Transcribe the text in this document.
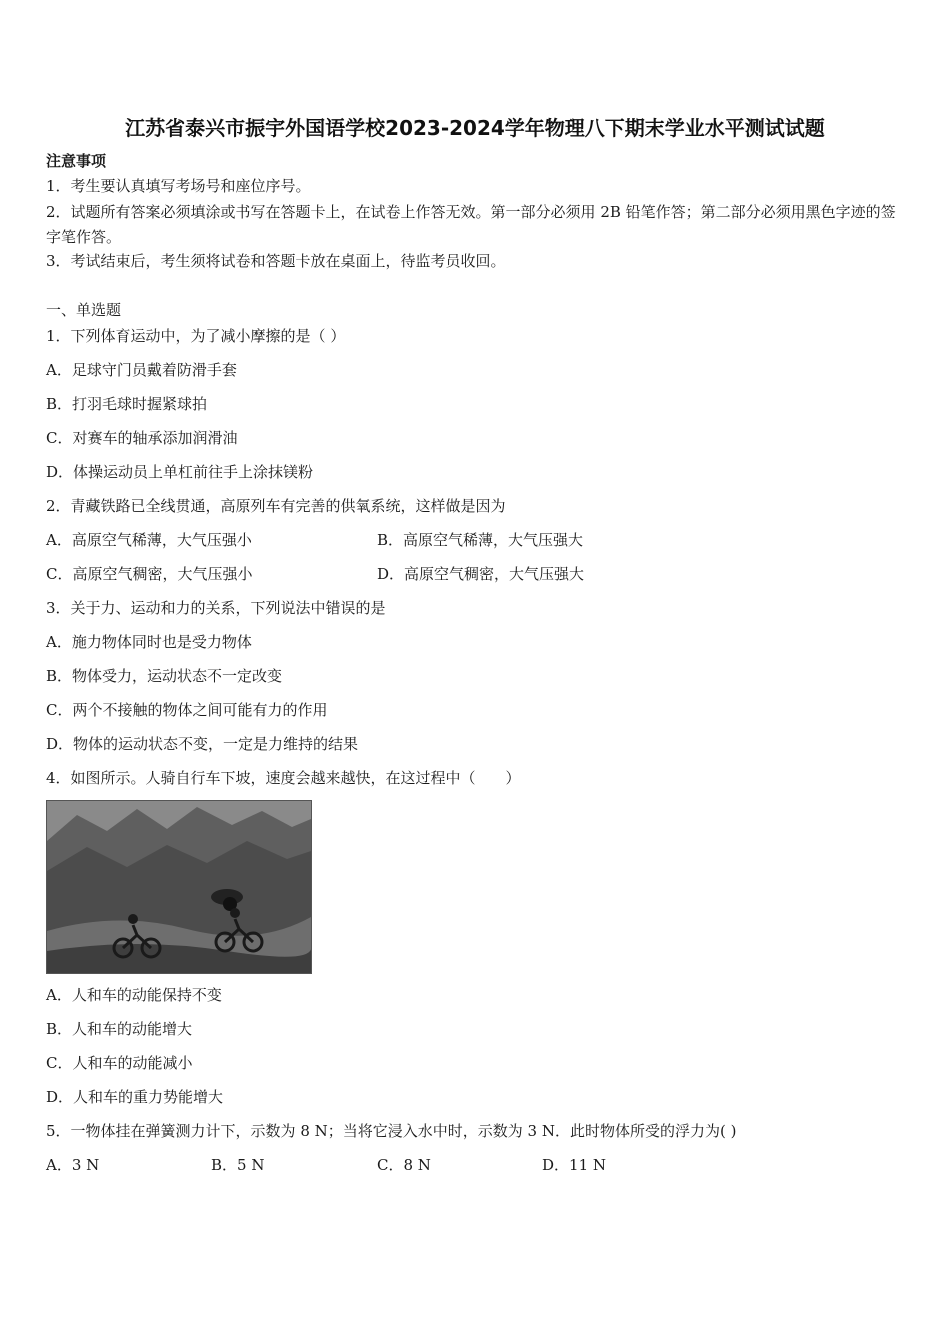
江苏省泰兴市振宇外国语学校2023-2024学年物理八下期末学业水平测试试题
注意事项
1．考生要认真填写考场号和座位序号。
2．试题所有答案必须填涂或书写在答题卡上，在试卷上作答无效。第一部分必须用 2B 铅笔作答；第二部分必须用黑色字迹的签字笔作答。
3．考试结束后，考生须将试卷和答题卡放在桌面上，待监考员收回。
一、单选题
1．下列体育运动中，为了减小摩擦的是（ ）
A．足球守门员戴着防滑手套
B．打羽毛球时握紧球拍
C．对赛车的轴承添加润滑油
D．体操运动员上单杠前往手上涂抹镁粉
2．青藏铁路已全线贯通，高原列车有完善的供氧系统，这样做是因为
A．高原空气稀薄，大气压强小	B．高原空气稀薄，大气压强大
C．高原空气稠密，大气压强小	D．高原空气稠密，大气压强大
3．关于力、运动和力的关系，下列说法中错误的是
A．施力物体同时也是受力物体
B．物体受力，运动状态不一定改变
C．两个不接触的物体之间可能有力的作用
D．物体的运动状态不变，一定是力维持的结果
4．如图所示。人骑自行车下坡，速度会越来越快，在这过程中（　　）
A．人和车的动能保持不变
B．人和车的动能增大
C．人和车的动能减小
D．人和车的重力势能增大
5．一物体挂在弹簧测力计下，示数为 8 N；当将它浸入水中时，示数为 3 N．此时物体所受的浮力为( )
A．3 N	B．5 N	C．8 N	D．11 N
